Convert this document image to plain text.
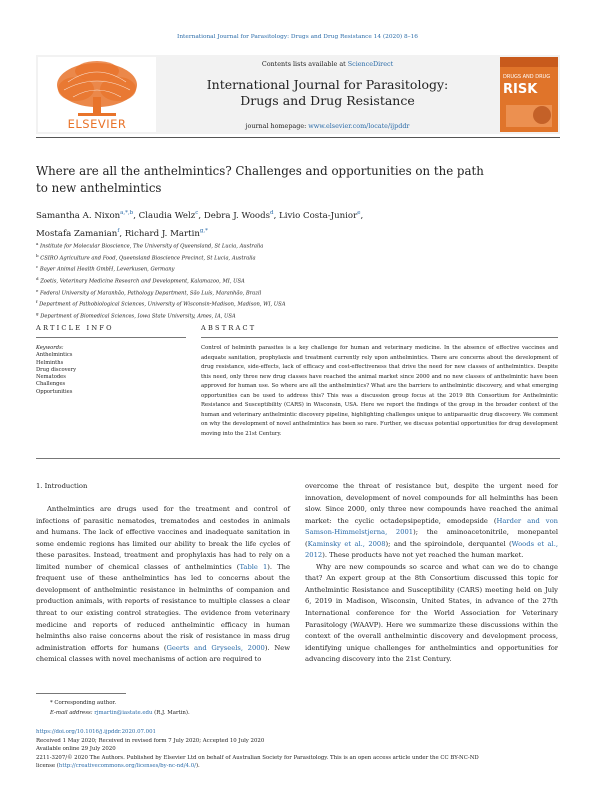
International Journal for Parasitology: Drugs and Drug Resistance 14 (2020) 8–16
ELSEVIER
Contents lists available at ScienceDirect
International Journal for Parasitology:
Drugs and Drug Resistance
journal homepage: www.elsevier.com/locate/ijpddr
DRUGS AND DRUG
RISK
Where are all the anthelmintics? Challenges and opportunities on the path
to new anthelmintics
Samantha A. Nixon$^{a,*,b}$, Claudia Welz$^c$, Debra J. Woods$^d$, Livio Costa-Junior$^e$,
Mostafa Zamanian$^f$, Richard J. Martin$^{g,*}$
$^a$ Institute for Molecular Bioscience, The University of Queensland, St Lucia, Australia
$^b$ CSIRO Agriculture and Food, Queensland Bioscience Precinct, St Lucia, Australia
$^c$ Bayer Animal Health GmbH, Leverkusen, Germany
$^d$ Zoetis, Veterinary Medicine Research and Development, Kalamazoo, MI, USA
$^e$ Federal University of Maranhão, Pathology Department, São Luís, Maranhão, Brazil
$^f$ Department of Pathobiological Sciences, University of Wisconsin-Madison, Madison, WI, USA
$^g$ Department of Biomedical Sciences, Iowa State University, Ames, IA, USA
ARTICLE INFO	ABSTRACT
Keywords:
Anthelmintics
Helminths
Drug discovery
Nematodes
Challenges
Opportunities
Control of helminth parasites is a key challenge for human and veterinary medicine. In the absence of effective vaccines and adequate sanitation, prophylaxis and treatment currently rely upon anthelmintics. There are concerns about the development of drug resistance, side-effects, lack of efficacy and cost-effectiveness that drive the need for new classes of anthelmintics. Despite this need, only three new drug classes have reached the animal market since 2000 and no new classes of anthelmintic have been approved for human use. So where are all the anthelmintics? What are the barriers to anthelmintic discovery, and what emerging opportunities can be used to address this? This was a discussion group focus at the 2019 8th Consortium for Anthelmintic Resistance and Susceptibility (CARS) in Wisconsin, USA. Here we report the findings of the group in the broader context of the human and veterinary anthelmintic discovery pipeline, highlighting challenges unique to antiparasitic drug discovery. We comment on why the development of novel anthelmintics has been so rare. Further, we discuss potential opportunities for drug development moving into the 21st Century.

1. Introduction

Anthelmintics are drugs used for the treatment and control of infections of parasitic nematodes, trematodes and cestodes in animals and humans. The lack of effective vaccines and inadequate sanitation in some endemic regions has limited our ability to break the life cycles of these parasites. Instead, treatment and prophylaxis has had to rely on a limited number of chemical classes of anthelmintics (Table 1). The frequent use of these anthelmintics has led to concerns about the development of anthelmintic resistance in helminths of companion and production animals, with reports of resistance to multiple classes a clear threat to our existing control strategies. The evidence from veterinary medicine and reports of reduced anthelmintic efficacy in human helminths also raise concerns about the risk of resistance in mass drug administration efforts for humans (Geerts and Gryseels, 2000). New chemical classes with novel mechanisms of action are required to

overcome the threat of resistance but, despite the urgent need for innovation, development of novel compounds for all helminths has been slow. Since 2000, only three new compounds have reached the animal market: the cyclic octadepsipeptide, emodepside (Harder and von Samson-Himmelstjerna, 2001); the aminoacetonitrile, monepantel (Kaminsky et al., 2008); and the spiroindole, derquantel (Woods et al., 2012). These products have not yet reached the human market.

Why are new compounds so scarce and what can we do to change that? An expert group at the 8th Consortium discussed this topic for Anthelmintic Resistance and Susceptibility (CARS) meeting held on July 6, 2019 in Madison, Wisconsin, United States, in advance of the 27th International conference for the World Association for Veterinary Parasitology (WAAVP). Here we summarize these discussions within the context of the overall anthelmintic discovery and development process, identifying unique challenges for anthelmintics and opportunities for advancing discovery into the 21st Century.

* Corresponding author.
E-mail address: rjmartin@iastate.edu (R.J. Martin).
https://doi.org/10.1016/j.ijpddr.2020.07.001
Received 1 May 2020; Received in revised form 7 July 2020; Accepted 10 July 2020
Available online 29 July 2020
2211-3207/© 2020 The Authors. Published by Elsevier Ltd on behalf of Australian Society for Parasitology. This is an open access article under the CC BY-NC-ND
license (http://creativecommons.org/licenses/by-nc-nd/4.0/).
